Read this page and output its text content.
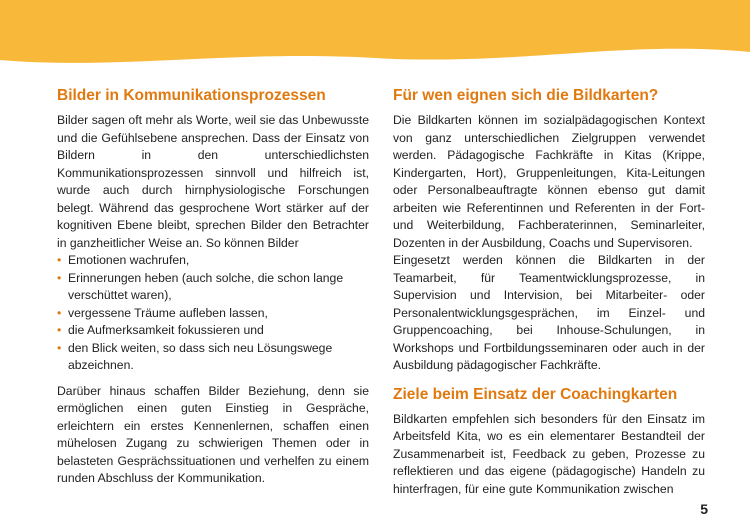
Bilder in Kommunikationsprozessen

Bilder sagen oft mehr als Worte, weil sie das Unbewusste und die Gefühlsebene ansprechen. Dass der Einsatz von Bildern in den unterschiedlichsten Kommunikationsprozessen sinnvoll und hilfreich ist, wurde auch durch hirnphysiologische Forschungen belegt. Während das gesprochene Wort stärker auf der kognitiven Ebene bleibt, sprechen Bilder den Betrachter in ganzheitlicher Weise an. So können Bilder

• Emotionen wachrufen,
• Erinnerungen heben (auch solche, die schon lange verschüttet waren),
• vergessene Träume aufleben lassen,
• die Aufmerksamkeit fokussieren und
• den Blick weiten, so dass sich neu Lösungswege abzeichnen.

Darüber hinaus schaffen Bilder Beziehung, denn sie ermöglichen einen guten Einstieg in Gespräche, erleichtern ein erstes Kennenlernen, schaffen einen mühelosen Zugang zu schwierigen Themen oder in belasteten Gesprächssituationen und verhelfen zu einem runden Abschluss der Kommunikation.

Für wen eignen sich die Bildkarten?

Die Bildkarten können im sozialpädagogischen Kontext von ganz unterschiedlichen Zielgruppen verwendet werden. Pädagogische Fachkräfte in Kitas (Krippe, Kindergarten, Hort), Gruppenleitungen, Kita-Leitungen oder Personalbeauftragte können ebenso gut damit arbeiten wie Referentinnen und Referenten in der Fort- und Weiterbildung, Fachberaterinnen, Seminarleiter, Dozenten in der Ausbildung, Coachs und Supervisoren.

Eingesetzt werden können die Bildkarten in der Teamarbeit, für Teamentwicklungsprozesse, in Supervision und Intervision, bei Mitarbeiter- oder Personalentwicklungsgesprächen, im Einzel- und Gruppencoaching, bei Inhouse-Schulungen, in Workshops und Fortbildungsseminaren oder auch in der Ausbildung pädagogischer Fachkräfte.

Ziele beim Einsatz der Coachingkarten

Bildkarten empfehlen sich besonders für den Einsatz im Arbeitsfeld Kita, wo es ein elementarer Bestandteil der Zusammenarbeit ist, Feedback zu geben, Prozesse zu reflektieren und das eigene (pädagogische) Handeln zu hinterfragen, für eine gute Kommunikation zwischen

5
